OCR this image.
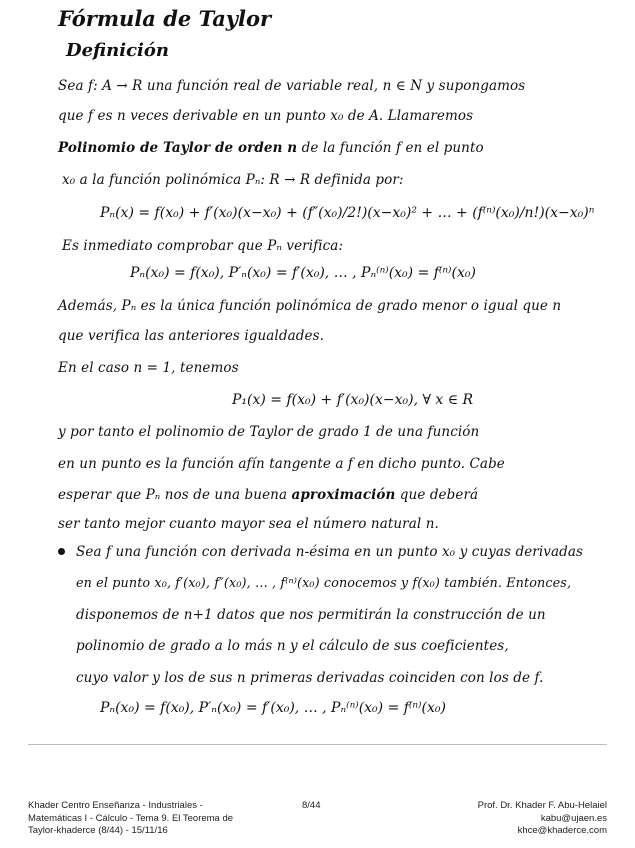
Fórmula de Taylor
Definición
Sea f: A → R una función real de variable real, n ∈ N y supongamos
que f es n veces derivable en un punto x₀ de A. Llamaremos
Polinomio de Taylor de orden n de la función f en el punto
x₀ a la función polinómica Pₙ: R → R definida por:
Pₙ(x) = f(x₀) + f′(x₀)(x−x₀) + (f″(x₀)/2!)(x−x₀)² + … + (f⁽ⁿ⁾(x₀)/n!)(x−x₀)ⁿ
Es inmediato comprobar que Pₙ verifica:
Pₙ(x₀) = f(x₀), P′ₙ(x₀) = f′(x₀), … , Pₙ⁽ⁿ⁾(x₀) = f⁽ⁿ⁾(x₀)
Además, Pₙ es la única función polinómica de grado menor o igual que n
que verifica las anteriores igualdades.
En el caso n = 1, tenemos
P₁(x) = f(x₀) + f′(x₀)(x−x₀), ∀ x ∈ R
y por tanto el polinomio de Taylor de grado 1 de una función
en un punto es la función afín tangente a f en dicho punto. Cabe
esperar que Pₙ nos de una buena aproximación que deberá
ser tanto mejor cuanto mayor sea el número natural n.
Sea f una función con derivada n-ésima en un punto x₀ y cuyas derivadas
en el punto x₀, f′(x₀), f″(x₀), … , f⁽ⁿ⁾(x₀) conocemos y f(x₀) también. Entonces,
disponemos de n+1 datos que nos permitirán la construcción de un
polinomio de grado a lo más n y el cálculo de sus coeficientes,
cuyo valor y los de sus n primeras derivadas coinciden con los de f.
Pₙ(x₀) = f(x₀), P′ₙ(x₀) = f′(x₀), … , Pₙ⁽ⁿ⁾(x₀) = f⁽ⁿ⁾(x₀)
Khader Centro Enseñanza - Industriales -
Matemáticas I - Cálculo - Tema 9. El Teorema de
Taylor-khaderce (8/44) - 15/11/16
8/44	Prof. Dr. Khader F. Abu-Helaiel
kabu@ujaen.es
khce@khaderce.com
